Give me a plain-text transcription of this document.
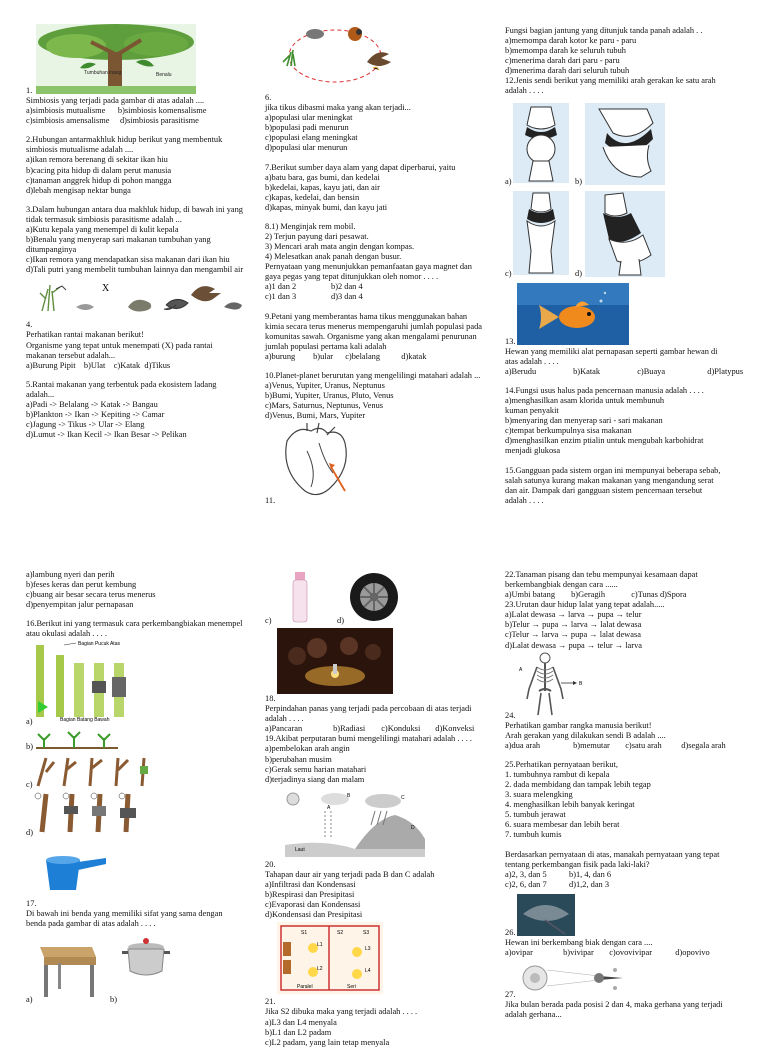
1.
Tumbuhan inang	Benalu
Simbiosis yang terjadi pada gambar di atas adalah ....
a)simbiosis mutualisme      b)simbiosis komensalisme
c)simbiosis amensalisme     d)simbiosis parasitisme
2.Hubungan antarmakhluk hidup berikut yang membentuk
simbiosis mutualisme adalah ....
a)ikan remora berenang di sekitar ikan hiu
b)cacing pita hidup di dalam perut manusia
c)tanaman anggrek hidup di pohon mangga
d)lebah mengisap nektar bunga
3.Dalam hubungan antara dua makhluk hidup, di bawah ini yang
tidak termasuk simbiosis parasitisme adalah ...
a)Kutu kepala yang menempel di kulit kepala
b)Benalu yang menyerap sari makanan tumbuhan yang
ditumpanginya
c)Ikan remora yang mendapatkan sisa makanan dari ikan hiu
d)Tali putri yang membelit tumbuhan lainnya dan mengambil air
X
4.
Perhatikan rantai makanan berikut!
Organisme yang tepat untuk menempati (X) pada rantai
makanan tersebut adalah...
a)Burung Pipit    b)Ulat    c)Katak  d)Tikus
5.Rantai makanan yang terbentuk pada ekosistem ladang
adalah...
a)Padi -> Belalang -> Katak -> Bangau
b)Plankton -> Ikan -> Kepiting -> Camar
c)Jagung -> Tikus -> Ular -> Elang
d)Lumut -> Ikan Kecil -> Ikan Besar -> Pelikan
6.
jika tikus dibasmi maka yang akan terjadi...
a)populasi ular meningkat
b)populasi padi menurun
c)populasi elang meningkat
d)populasi ular menurun
7.Berikut sumber daya alam yang dapat diperbarui, yaitu
a)batu bara, gas bumi, dan kedelai
b)kedelai, kapas, kayu jati, dan air
c)kapas, kedelai, dan bensin
d)kapas, minyak bumi, dan kayu jati
8.1) Menginjak rem mobil.
2) Terjun payung dari pesawat.
3) Mencari arah mata angin dengan kompas.
4) Melesatkan anak panah dengan busur.
Pernyataan yang menunjukkan pemanfaatan gaya magnet dan
gaya pegas yang tepat ditunjukkan oleh nomor . . . .
a)1 dan 2	b)2 dan 4
c)1 dan 3	d)3 dan 4
9.Petani yang memberantas hama tikus menggunakan bahan
kimia secara terus menerus mempengaruhi jumlah populasi pada
komunitas sawah. Organisme yang akan mengalami penurunan
jumlah populasi pertama kali adalah
a)burung b)ular c)belalang	d)katak
10.Planet-planet berurutan yang mengelilingi matahari adalah ...
a)Venus, Yupiter, Uranus, Neptunus
b)Bumi, Yupiter, Uranus, Pluto, Venus
c)Mars, Saturnus, Neptunus, Venus
d)Venus, Bumi, Mars, Yupiter
11.
Fungsi bagian jantung yang ditunjuk tanda panah adalah . .
a)memompa darah kotor ke paru - paru
b)memompa darah ke seluruh tubuh
c)menerima darah dari paru - paru
d)menerima darah dari seluruh tubuh
12.Jenis sendi berikut yang memiliki arah gerakan ke satu arah
adalah . . . .
a)	b)
c)	d)
13.
Hewan yang memiliki alat pernapasan seperti gambar hewan di
atas adalah . . . .
a)Berudu	b)Katak	c)Buaya	d)Platypus
14.Fungsi usus halus pada pencernaan manusia adalah . . . .
a)menghasilkan asam klorida untuk membunuh
kuman penyakit
b)menyaring dan menyerap sari - sari makanan
c)tempat berkumpulnya sisa makanan
d)menghasilkan enzim ptialin untuk mengubah karbohidrat
menjadi glukosa
15.Gangguan pada sistem organ ini mempunyai beberapa sebab,
salah satunya kurang makan makanan yang mengandung serat
dan air. Dampak dari gangguan sistem pencernaan tersebut
adalah . . . .
a)lambung nyeri dan perih
b)feses keras dan perut kembung
c)buang air besar secara terus menerus
d)penyempitan jalur pernapasan
16.Berikut ini yang termasuk cara perkembangbiakan menempel
atau okulasi adalah . . . .
a)
Bagian Pucuk Atas
Bagian Batang Bawah
b)
c)
d)
17.
Di bawah ini benda yang memiliki sifat yang sama dengan
benda pada gambar di atas adalah . . . .
a)	b)
c)	d)
18.
Perpindahan panas yang terjadi pada percobaan di atas terjadi
adalah . . . .
a)Pancaran	b)Radiasi c)Konduksi d)Konveksi
19.Akibat perputaran bumi mengelilingi matahari adalah . . . .
a)pembelokan arah angin
b)perubahan musim
c)Gerak semu harian matahari
d)terjadinya siang dan malam
A
B	C
D
Laut
20.
Tahapan daur air yang terjadi pada B dan C adalah
a)Infiltrasi dan Kondensasi
b)Respirasi dan Presipitasi
c)Evaporasi dan Kondensasi
d)Kondensasi dan Presipitasi
S1	S2	S3
L1
L2
L3
L4
Paralel	Seri
21.
Jika S2 dibuka maka yang terjadi adalah . . . .
a)L3 dan L4 menyala
b)L1 dan L2 padam
c)L2 padam, yang lain tetap menyala
22.Tanaman pisang dan tebu mempunyai kesamaan dapat
berkembangbiak dengan cara ......
a)Umbi batang b)Geragih	c)Tunas d)Spora
23.Urutan daur hidup lalat yang tepat adalah.....
a)Lalat dewasa → larva → pupa → telur
b)Telur → pupa → larva → lalat dewasa
c)Telur → larva → pupa → lalat dewasa
d)Lalat dewasa → pupa → telur → larva
24.
B
A
Perhatikan gambar rangka manusia berikut!
Arah gerakan yang dilakukan sendi B adalah ....
a)dua arah	b)memutar c)satu arah d)segala arah
25.Perhatikan pernyataan berikut,
1. tumbuhnya rambut di kepala
2. dada membidang dan tampak lebih tegap
3. suara melengking
4. menghasilkan lebih banyak keringat
5. tumbuh jerawat
6. suara membesar dan lebih berat
7. tumbuh kumis
Berdasarkan pernyataan di atas, manakah pernyataan yang tepat
tentang perkembangan fisik pada laki-laki?
a)2, 3, dan 5	b)1, 4, dan 6
c)2, 6, dan 7	d)1,2, dan 3
26.
Hewan ini berkembang biak dengan cara ....
a)ovipar	b)vivipar c)ovovivipar	d)opovivo
27.
Jika bulan berada pada posisi 2 dan 4, maka gerhana yang terjadi
adalah gerhana...
